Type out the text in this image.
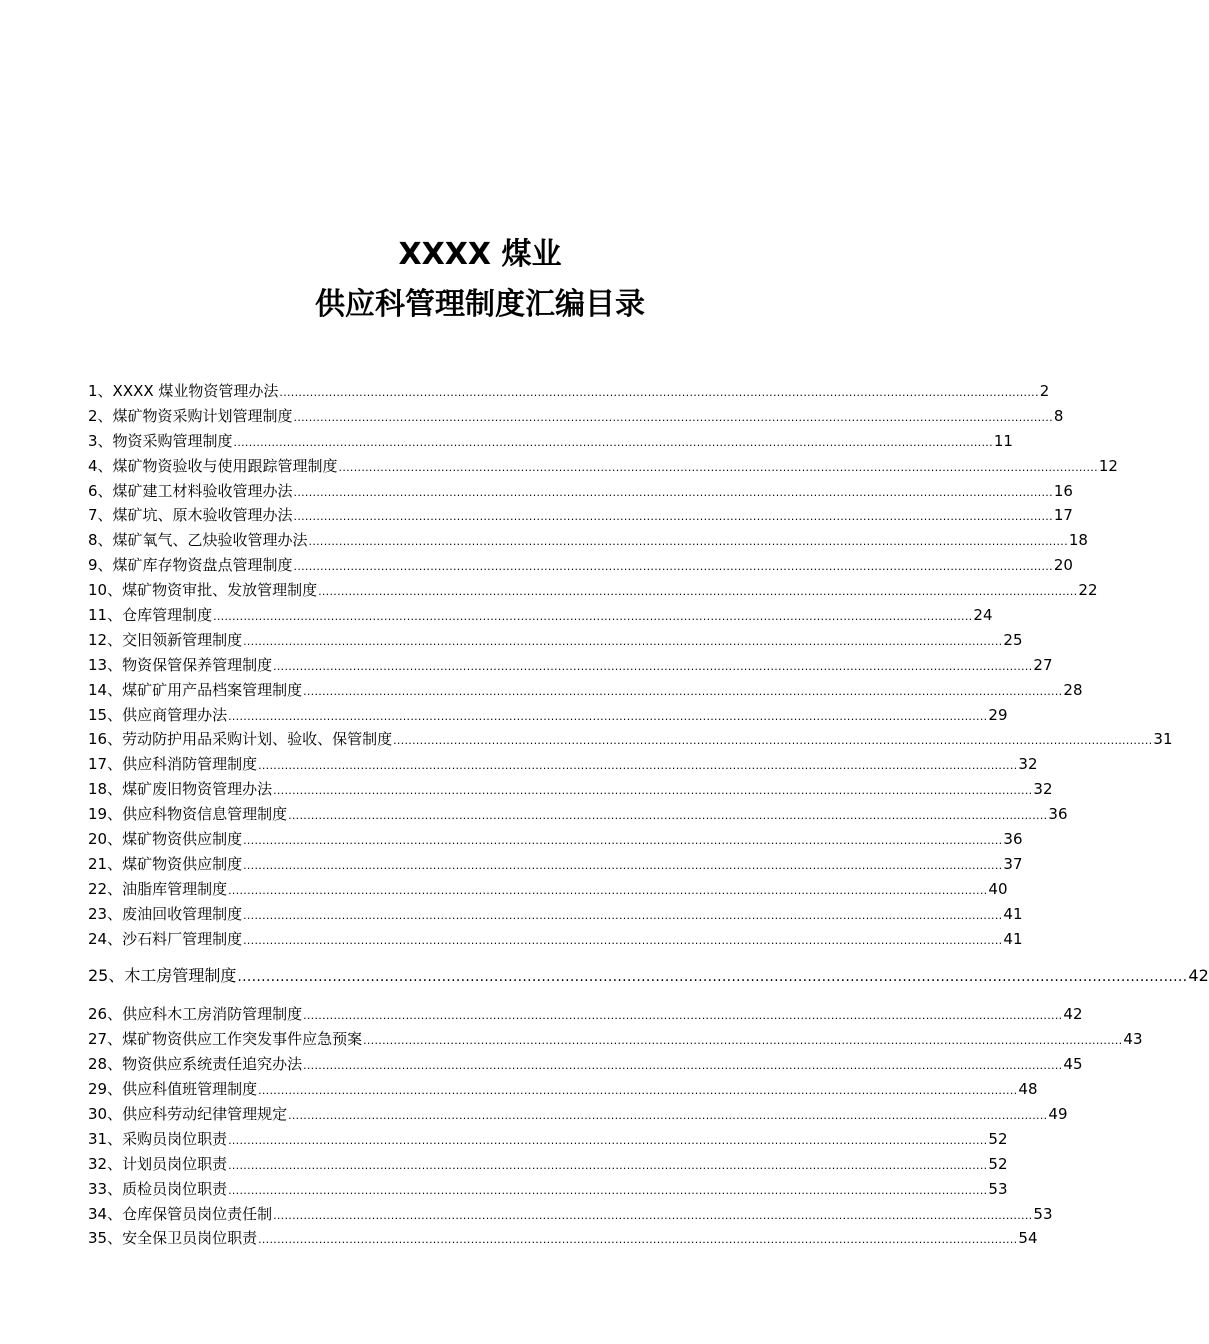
XXXX 煤业
供应科管理制度汇编目录
1、XXXX 煤业物资管理办法 ........................................................................................................................................................................................................ 2
2、煤矿物资采购计划管理制度 ........................................................................................................................................................................................................ 8
3、物资采购管理制度 ........................................................................................................................................................................................................ 11
4、煤矿物资验收与使用跟踪管理制度 ........................................................................................................................................................................................................ 12
6、煤矿建工材料验收管理办法 ........................................................................................................................................................................................................ 16
7、煤矿坑、原木验收管理办法 ........................................................................................................................................................................................................ 17
8、煤矿氧气、乙炔验收管理办法 ........................................................................................................................................................................................................ 18
9、煤矿库存物资盘点管理制度 ........................................................................................................................................................................................................ 20
10、煤矿物资审批、发放管理制度 ........................................................................................................................................................................................................ 22
11、仓库管理制度 ........................................................................................................................................................................................................ 24
12、交旧领新管理制度 ........................................................................................................................................................................................................ 25
13、物资保管保养管理制度 ........................................................................................................................................................................................................ 27
14、煤矿矿用产品档案管理制度 ........................................................................................................................................................................................................ 28
15、供应商管理办法 ........................................................................................................................................................................................................ 29
16、劳动防护用品采购计划、验收、保管制度 ........................................................................................................................................................................................................ 31
17、供应科消防管理制度 ........................................................................................................................................................................................................ 32
18、煤矿废旧物资管理办法 ........................................................................................................................................................................................................ 32
19、供应科物资信息管理制度 ........................................................................................................................................................................................................ 36
20、煤矿物资供应制度 ........................................................................................................................................................................................................ 36
21、煤矿物资供应制度 ........................................................................................................................................................................................................ 37
22、油脂库管理制度 ........................................................................................................................................................................................................ 40
23、废油回收管理制度 ........................................................................................................................................................................................................ 41
24、沙石料厂管理制度 ........................................................................................................................................................................................................ 41
25、木工房管理制度 ........................................................................................................................................................................................................ 42
26、供应科木工房消防管理制度 ........................................................................................................................................................................................................ 42
27、煤矿物资供应工作突发事件应急预案 ........................................................................................................................................................................................................ 43
28、物资供应系统责任追究办法 ........................................................................................................................................................................................................ 45
29、供应科值班管理制度 ........................................................................................................................................................................................................ 48
30、供应科劳动纪律管理规定 ........................................................................................................................................................................................................ 49
31、采购员岗位职责 ........................................................................................................................................................................................................ 52
32、计划员岗位职责 ........................................................................................................................................................................................................ 52
33、质检员岗位职责 ........................................................................................................................................................................................................ 53
34、仓库保管员岗位责任制 ........................................................................................................................................................................................................ 53
35、安全保卫员岗位职责 ........................................................................................................................................................................................................ 54
